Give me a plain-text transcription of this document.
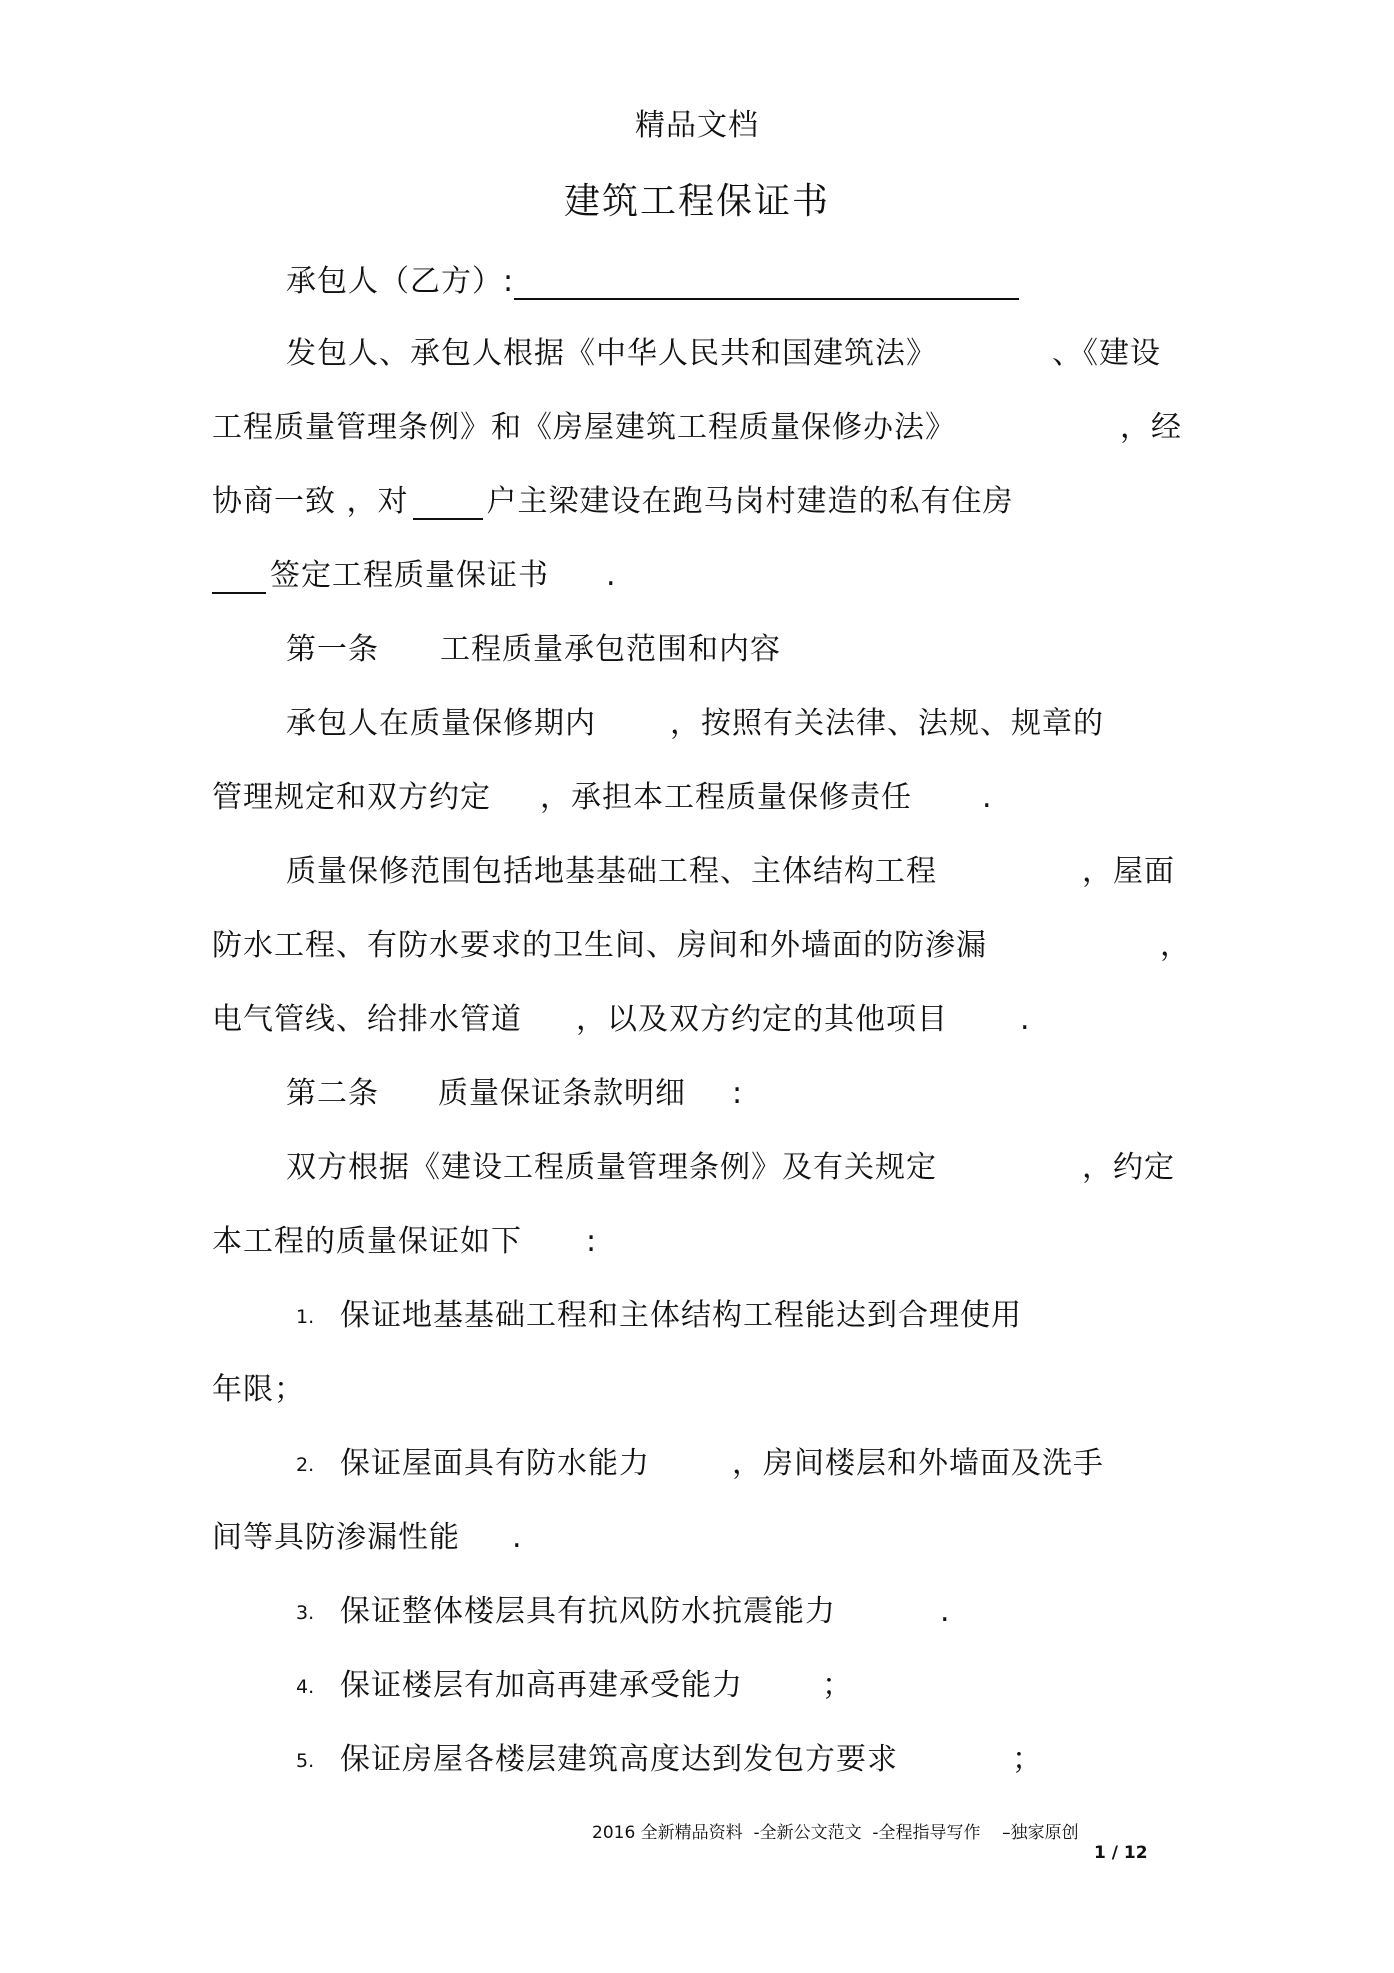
精品文档
建筑工程保证书
承包人（乙方）:
发包人、承包人根据《中华人民共和国建筑法》	、《建设
工程质量管理条例》和《房屋建筑工程质量保修办法》	，经
协商一致 ，对	户主梁建设在跑马岗村建造的私有住房
签定工程质量保证书 .
第一条 工程质量承包范围和内容
承包人在质量保修期内 ，按照有关法律、法规、规章的
管理规定和双方约定 ，承担本工程质量保修责任 .
质量保修范围包括地基基础工程、主体结构工程	，屋面
防水工程、有防水要求的卫生间、房间和外墙面的防渗漏	，
电气管线、给排水管道 ，以及双方约定的其他项目 .
第二条 质量保证条款明细 :
双方根据《建设工程质量管理条例》及有关规定	，约定
本工程的质量保证如下 :
1. 保证地基基础工程和主体结构工程能达到合理使用
年限；
2. 保证屋面具有防水能力	，房间楼层和外墙面及洗手
间等具防渗漏性能 .
3. 保证整体楼层具有抗风防水抗震能力	.
4. 保证楼层有加高再建承受能力	；
5. 保证房屋各楼层建筑高度达到发包方要求	；
2016 全新精品资料  -全新公文范文  -全程指导写作    –独家原创
1 / 12
